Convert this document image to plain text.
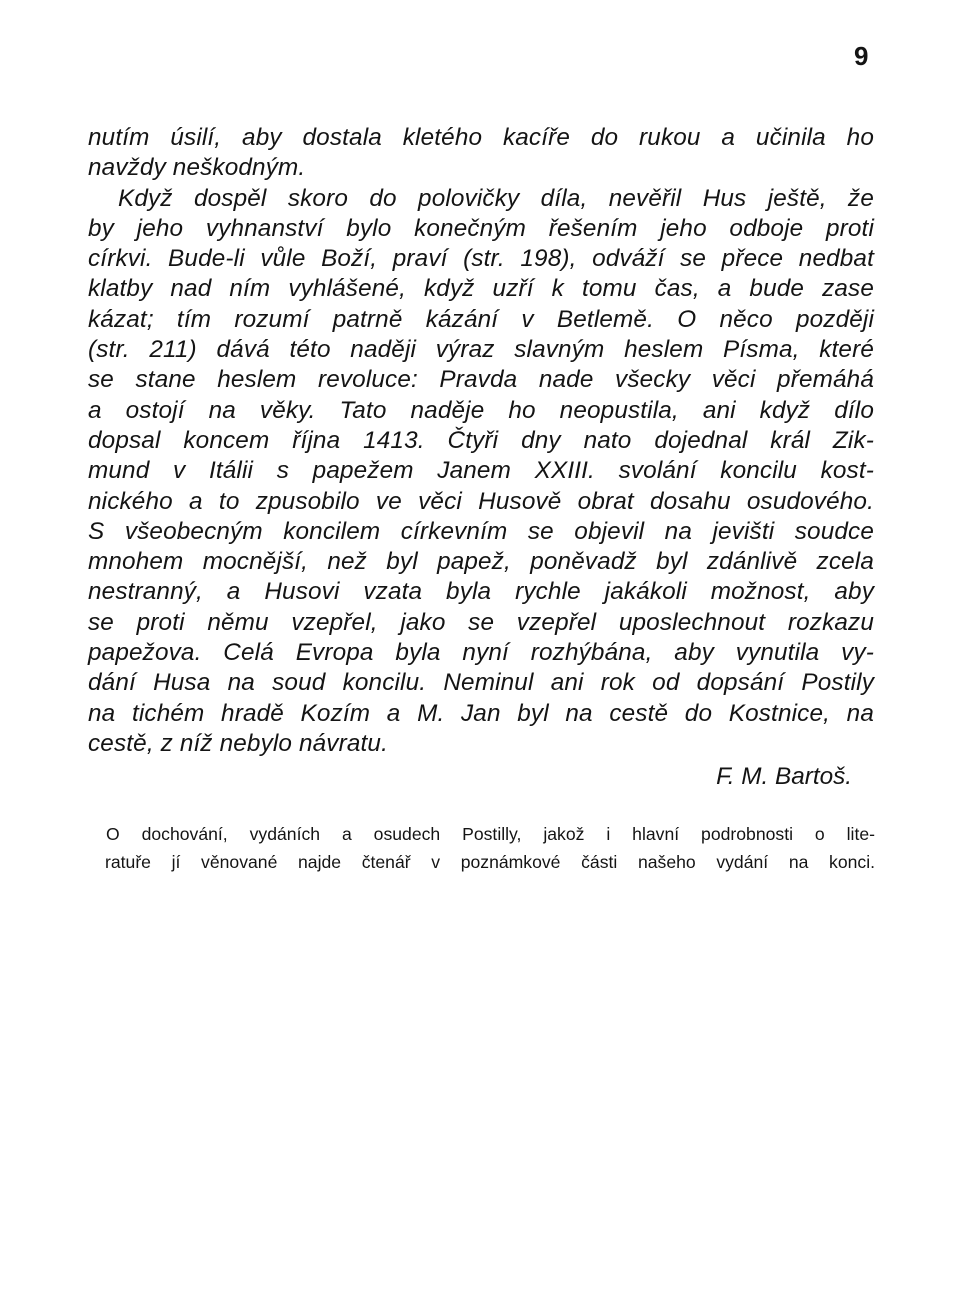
9
nutím úsilí, aby dostala kletého kacíře do rukou a učinila ho
navždy neškodným.
Když dospěl skoro do polovičky díla, nevěřil Hus ještě, že
by jeho vyhnanství bylo konečným řešením jeho odboje proti
církvi. Bude-li vůle Boží, praví (str. 198), odváží se přece nedbat
klatby nad ním vyhlášené, když uzří k tomu čas, a bude zase
kázat; tím rozumí patrně kázání v Betlemě. O něco později
(str. 211) dává této naději výraz slavným heslem Písma, které
se stane heslem revoluce: Pravda nade všecky věci přemáhá
a ostojí na věky. Tato naděje ho neopustila, ani když dílo
dopsal koncem října 1413. Čtyři dny nato dojednal král Zik-
mund v Itálii s papežem Janem XXIII. svolání koncilu kost-
nického a to zpusobilo ve věci Husově obrat dosahu osudového.
S všeobecným koncilem církevním se objevil na jevišti soudce
mnohem mocnější, než byl papež, poněvadž byl zdánlivě zcela
nestranný, a Husovi vzata byla rychle jakákoli možnost, aby
se proti němu vzepřel, jako se vzepřel uposlechnout rozkazu
papežova. Celá Evropa byla nyní rozhýbána, aby vynutila vy-
dání Husa na soud koncilu. Neminul ani rok od dopsání Postily
na tichém hradě Kozím a M. Jan byl na cestě do Kostnice, na
cestě, z níž nebylo návratu.
F. M. Bartoš.
O dochování, vydáních a osudech Postilly, jakož i hlavní podrobnosti o lite-
ratuře jí věnované najde čtenář v poznámkové části našeho vydání na konci.
